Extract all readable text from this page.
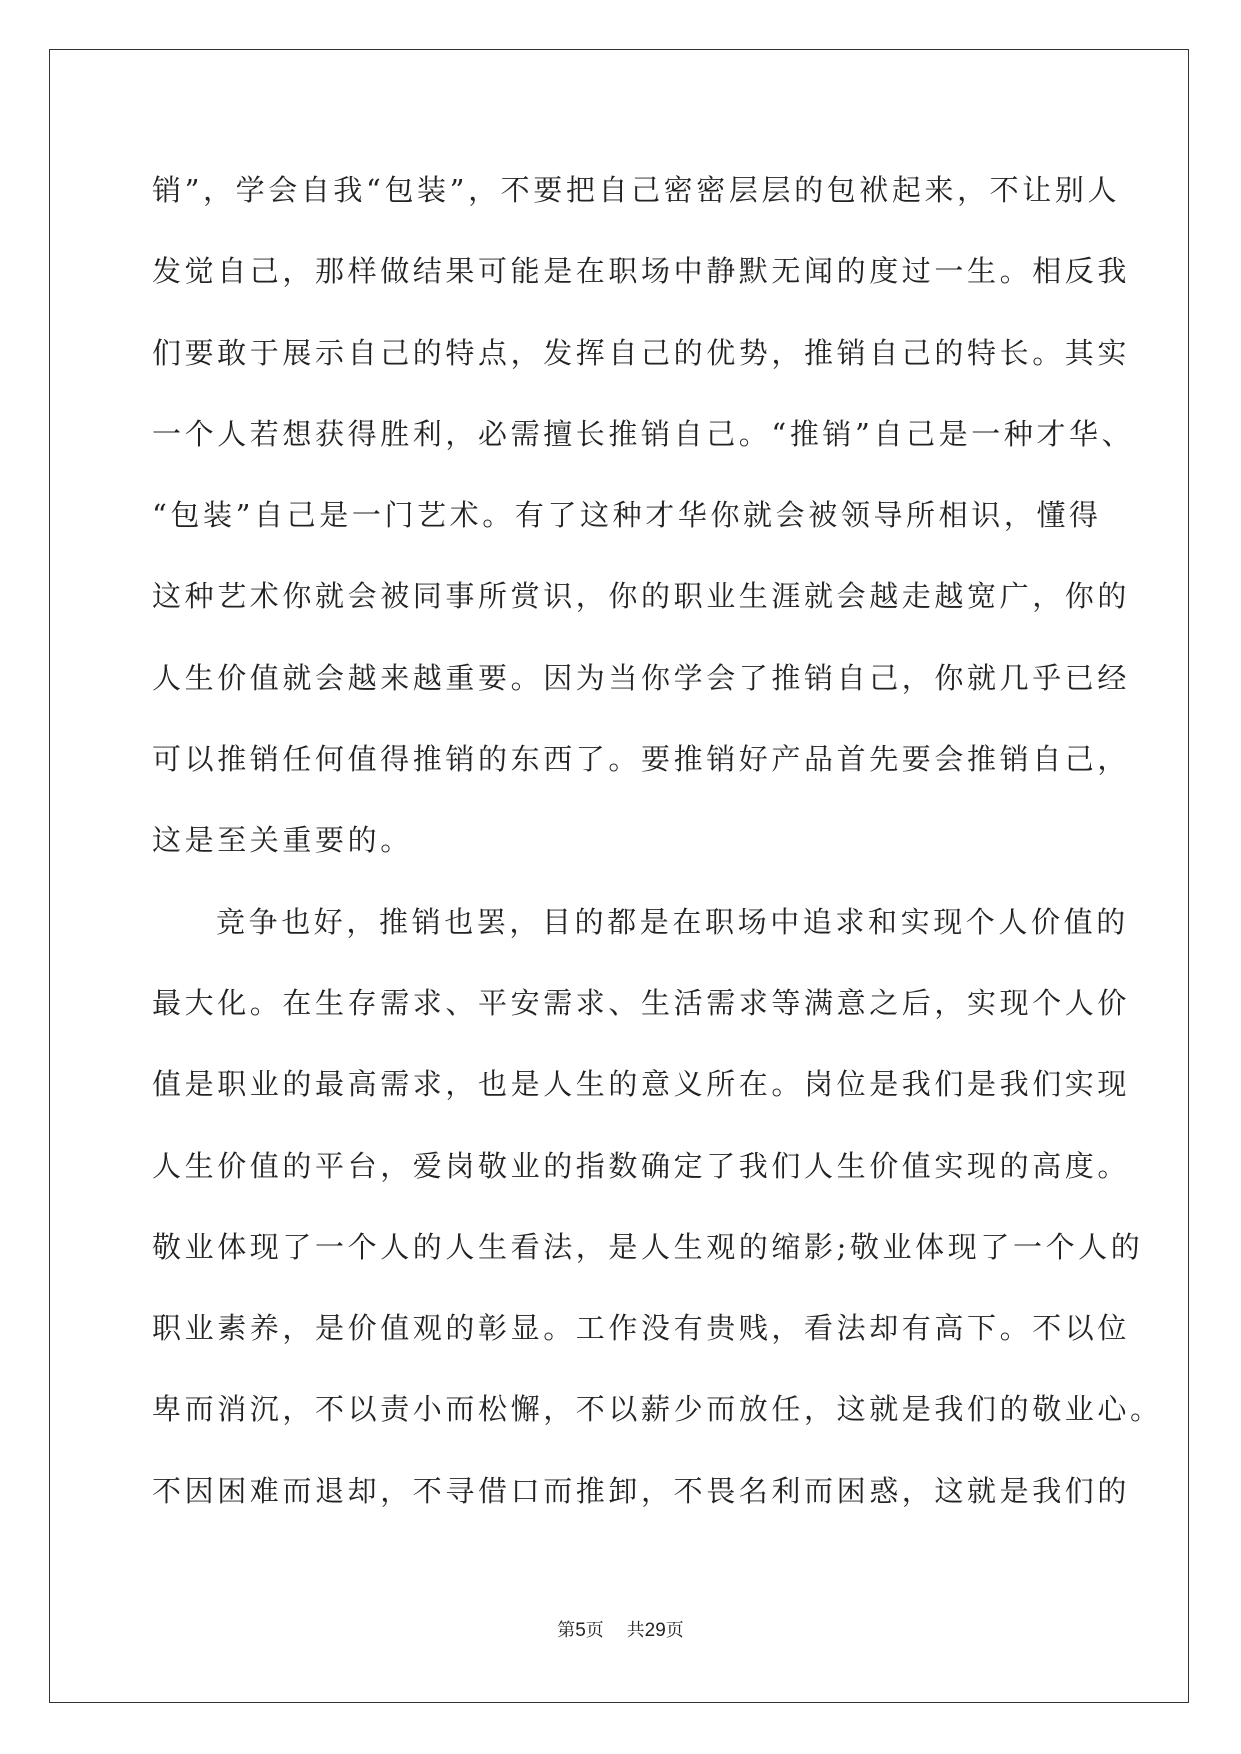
销”，学会自我“包装”，不要把自己密密层层的包袱起来，不让别人
发觉自己，那样做结果可能是在职场中静默无闻的度过一生。相反我
们要敢于展示自己的特点，发挥自己的优势，推销自己的特长。其实
一个人若想获得胜利，必需擅长推销自己。“推销”自己是一种才华、
“包装”自己是一门艺术。有了这种才华你就会被领导所相识，懂得
这种艺术你就会被同事所赏识，你的职业生涯就会越走越宽广，你的
人生价值就会越来越重要。因为当你学会了推销自己，你就几乎已经
可以推销任何值得推销的东西了。要推销好产品首先要会推销自己，
这是至关重要的。
竞争也好，推销也罢，目的都是在职场中追求和实现个人价值的
最大化。在生存需求、平安需求、生活需求等满意之后，实现个人价
值是职业的最高需求，也是人生的意义所在。岗位是我们是我们实现
人生价值的平台，爱岗敬业的指数确定了我们人生价值实现的高度。
敬业体现了一个人的人生看法，是人生观的缩影;敬业体现了一个人的
职业素养，是价值观的彰显。工作没有贵贱，看法却有高下。不以位
卑而消沉，不以责小而松懈，不以薪少而放任，这就是我们的敬业心。
不因困难而退却，不寻借口而推卸，不畏名利而困惑，这就是我们的
第5页 共29页
